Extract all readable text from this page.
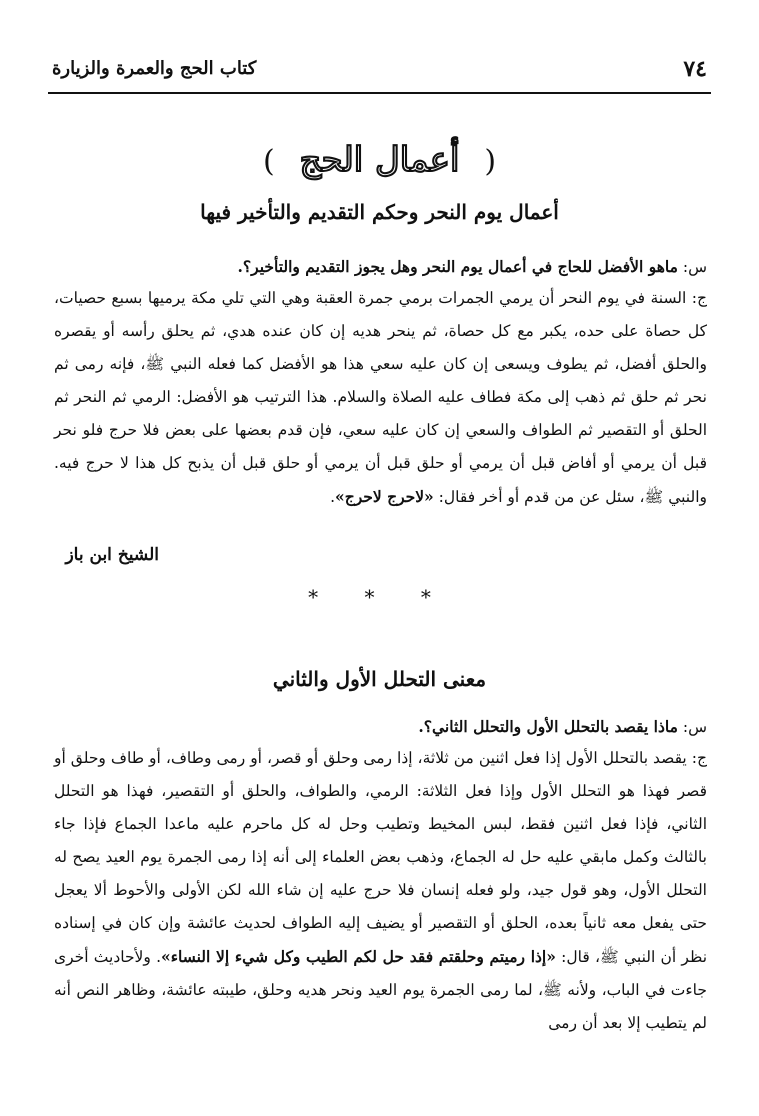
٧٤
كتاب الحج والعمرة والزيارة
( أعمال الحج )
أعمال يوم النحر وحكم التقديم والتأخير فيها
س: ماهو الأفضل للحاج في أعمال يوم النحر وهل يجوز التقديم والتأخير؟.
ج: السنة في يوم النحر أن يرمي الجمرات برمي جمرة العقبة وهي التي تلي مكة يرميها بسبع حصيات، كل حصاة على حده، يكبر مع كل حصاة، ثم ينحر هديه إن كان عنده هدي، ثم يحلق رأسه أو يقصره والحلق أفضل، ثم يطوف ويسعى إن كان عليه سعي هذا هو الأفضل كما فعله النبي ﷺ، فإنه رمى ثم نحر ثم حلق ثم ذهب إلى مكة فطاف عليه الصلاة والسلام. هذا الترتيب هو الأفضل: الرمي ثم النحر ثم الحلق أو التقصير ثم الطواف والسعي إن كان عليه سعي، فإن قدم بعضها على بعض فلا حرج فلو نحر قبل أن يرمي أو أفاض قبل أن يرمي أو حلق قبل أن يرمي أو حلق قبل أن يذبح كل هذا لا حرج فيه. والنبي ﷺ، سئل عن من قدم أو أخر فقال: «لاحرج لاحرج».
الشيخ ابن باز
* * *
معنى التحلل الأول والثاني
س: ماذا يقصد بالتحلل الأول والتحلل الثاني؟.
ج: يقصد بالتحلل الأول إذا فعل اثنين من ثلاثة، إذا رمى وحلق أو قصر، أو رمى وطاف، أو طاف وحلق أو قصر فهذا هو التحلل الأول وإذا فعل الثلاثة: الرمي، والطواف، والحلق أو التقصير، فهذا هو التحلل الثاني، فإذا فعل اثنين فقط، لبس المخيط وتطيب وحل له كل ماحرم عليه ماعدا الجماع فإذا جاء بالثالث وكمل مابقي عليه حل له الجماع، وذهب بعض العلماء إلى أنه إذا رمى الجمرة يوم العيد يصح له التحلل الأول، وهو قول جيد، ولو فعله إنسان فلا حرج عليه إن شاء الله لكن الأولى والأحوط ألا يعجل حتى يفعل معه ثانياً بعده، الحلق أو التقصير أو يضيف إليه الطواف لحديث عائشة وإن كان في إسناده نظر أن النبي ﷺ، قال: «إذا رميتم وحلقتم فقد حل لكم الطيب وكل شيء إلا النساء». ولأحاديث أخرى جاءت في الباب، ولأنه ﷺ، لما رمى الجمرة يوم العيد ونحر هديه وحلق، طيبته عائشة، وظاهر النص أنه لم يتطيب إلا بعد أن رمى
